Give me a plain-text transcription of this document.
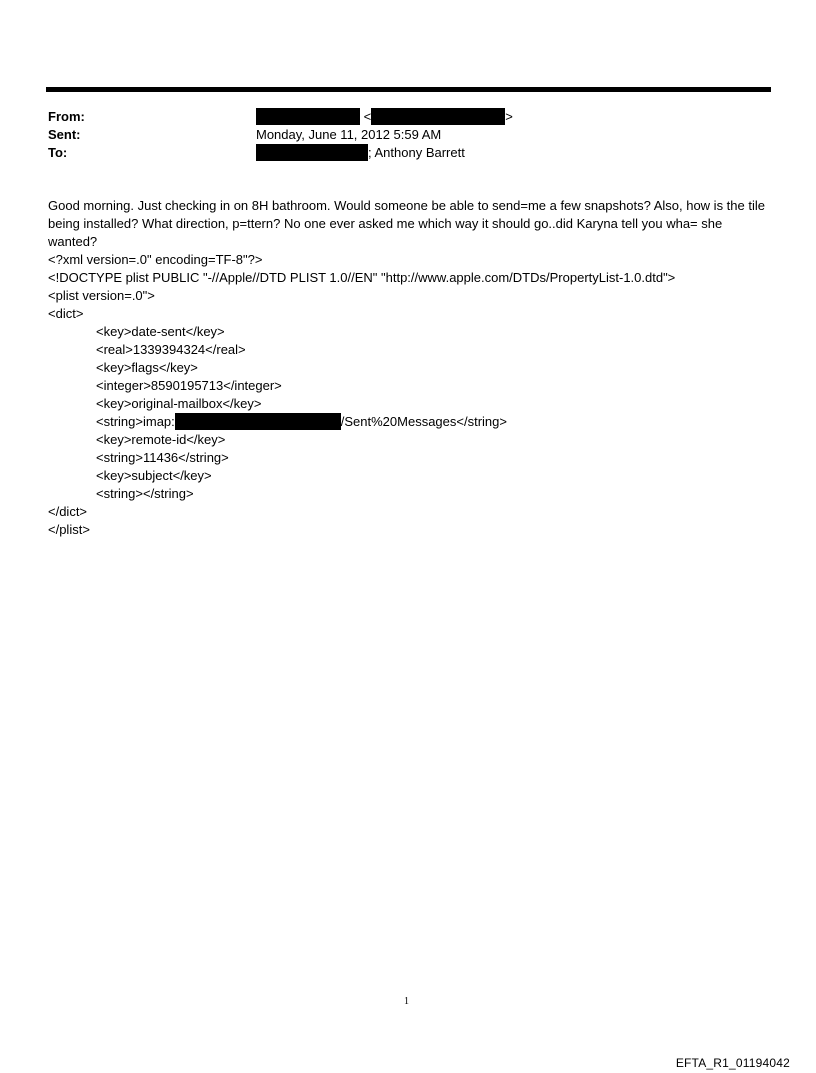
From:	<	>
Sent:	Monday, June 11, 2012 5:59 AM
To:	; Anthony Barrett

Good morning. Just checking in on 8H bathroom. Would someone be able to send=me a few snapshots? Also, how is the tile being installed? What direction, p=ttern? No one ever asked me which way it should go..did Karyna tell you wha= she wanted?

<?xml version=.0" encoding=TF-8"?>

<!DOCTYPE plist PUBLIC "-//Apple//DTD PLIST 1.0//EN" "http://www.apple.com/DTDs/PropertyList-1.0.dtd">

<plist version=.0">

<dict>

<key>date-sent</key>

<real>1339394324</real>

<key>flags</key>

<integer>8590195713</integer>

<key>original-mailbox</key>

<string>imap:	/Sent%20Messages</string>

<key>remote-id</key>

<string>11436</string>

<key>subject</key>

<string></string>

</dict>

</plist>

1
EFTA_R1_01194042
